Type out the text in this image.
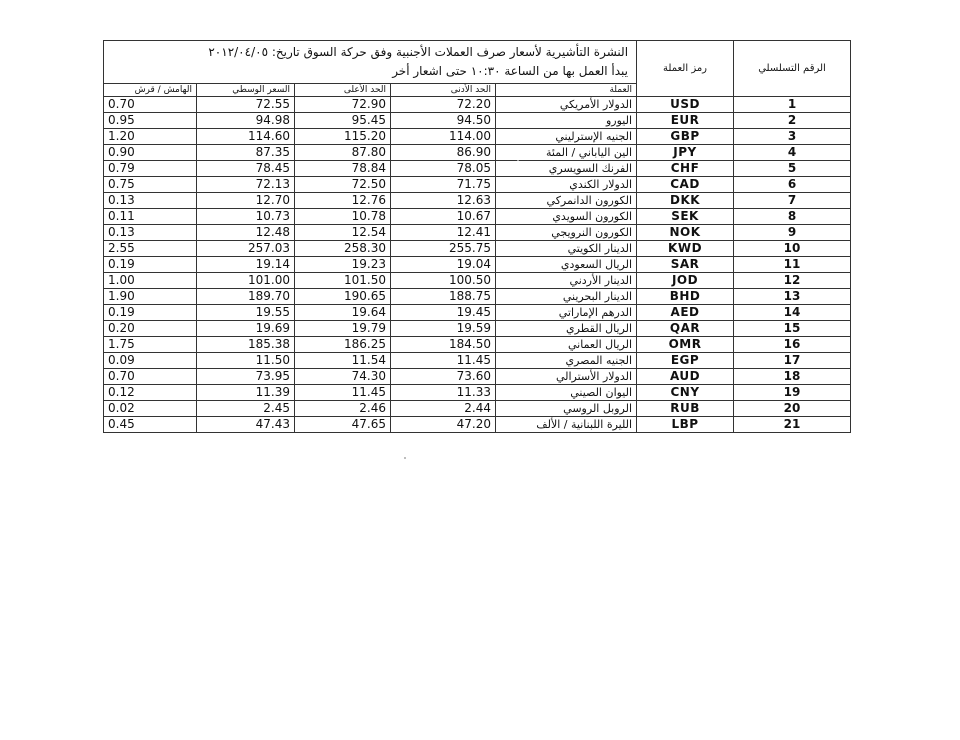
النشرة التأشيرية لأسعار صرف العملات الأجنبية وفق حركة السوق تاريخ: ٢٠١٢/٠٤/٠٥
يبدأ العمل بها من الساعة ١٠:٣٠ حتى اشعار أخر					رمز العملة	الرقم التسلسلي
الهامش / قرش	السعر الوسطي	الحد الأعلى	الحد الأدنى	العملة		
0.70	72.55	72.90	72.20	الدولار الأمريكي	USD	1
0.95	94.98	95.45	94.50	اليورو	EUR	2
1.20	114.60	115.20	114.00	الجنيه الإسترليني	GBP	3
0.90	87.35	87.80	86.90	الين الياباني / المئة	JPY	4
0.79	78.45	78.84	78.05	الفرنك السويسري	CHF	5
0.75	72.13	72.50	71.75	الدولار الكندي	CAD	6
0.13	12.70	12.76	12.63	الكورون الدانمركي	DKK	7
0.11	10.73	10.78	10.67	الكورون السويدي	SEK	8
0.13	12.48	12.54	12.41	الكورون النرويجي	NOK	9
2.55	257.03	258.30	255.75	الدينار الكويتي	KWD	10
0.19	19.14	19.23	19.04	الريال السعودي	SAR	11
1.00	101.00	101.50	100.50	الدينار الأردني	JOD	12
1.90	189.70	190.65	188.75	الدينار البحريني	BHD	13
0.19	19.55	19.64	19.45	الدرهم الإماراتي	AED	14
0.20	19.69	19.79	19.59	الريال القطري	QAR	15
1.75	185.38	186.25	184.50	الريال العماني	OMR	16
0.09	11.50	11.54	11.45	الجنيه المصري	EGP	17
0.70	73.95	74.30	73.60	الدولار الأسترالي	AUD	18
0.12	11.39	11.45	11.33	اليوان الصيني	CNY	19
0.02	2.45	2.46	2.44	الروبل الروسي	RUB	20
0.45	47.43	47.65	47.20	الليرة اللبنانية / الألف	LBP	21
